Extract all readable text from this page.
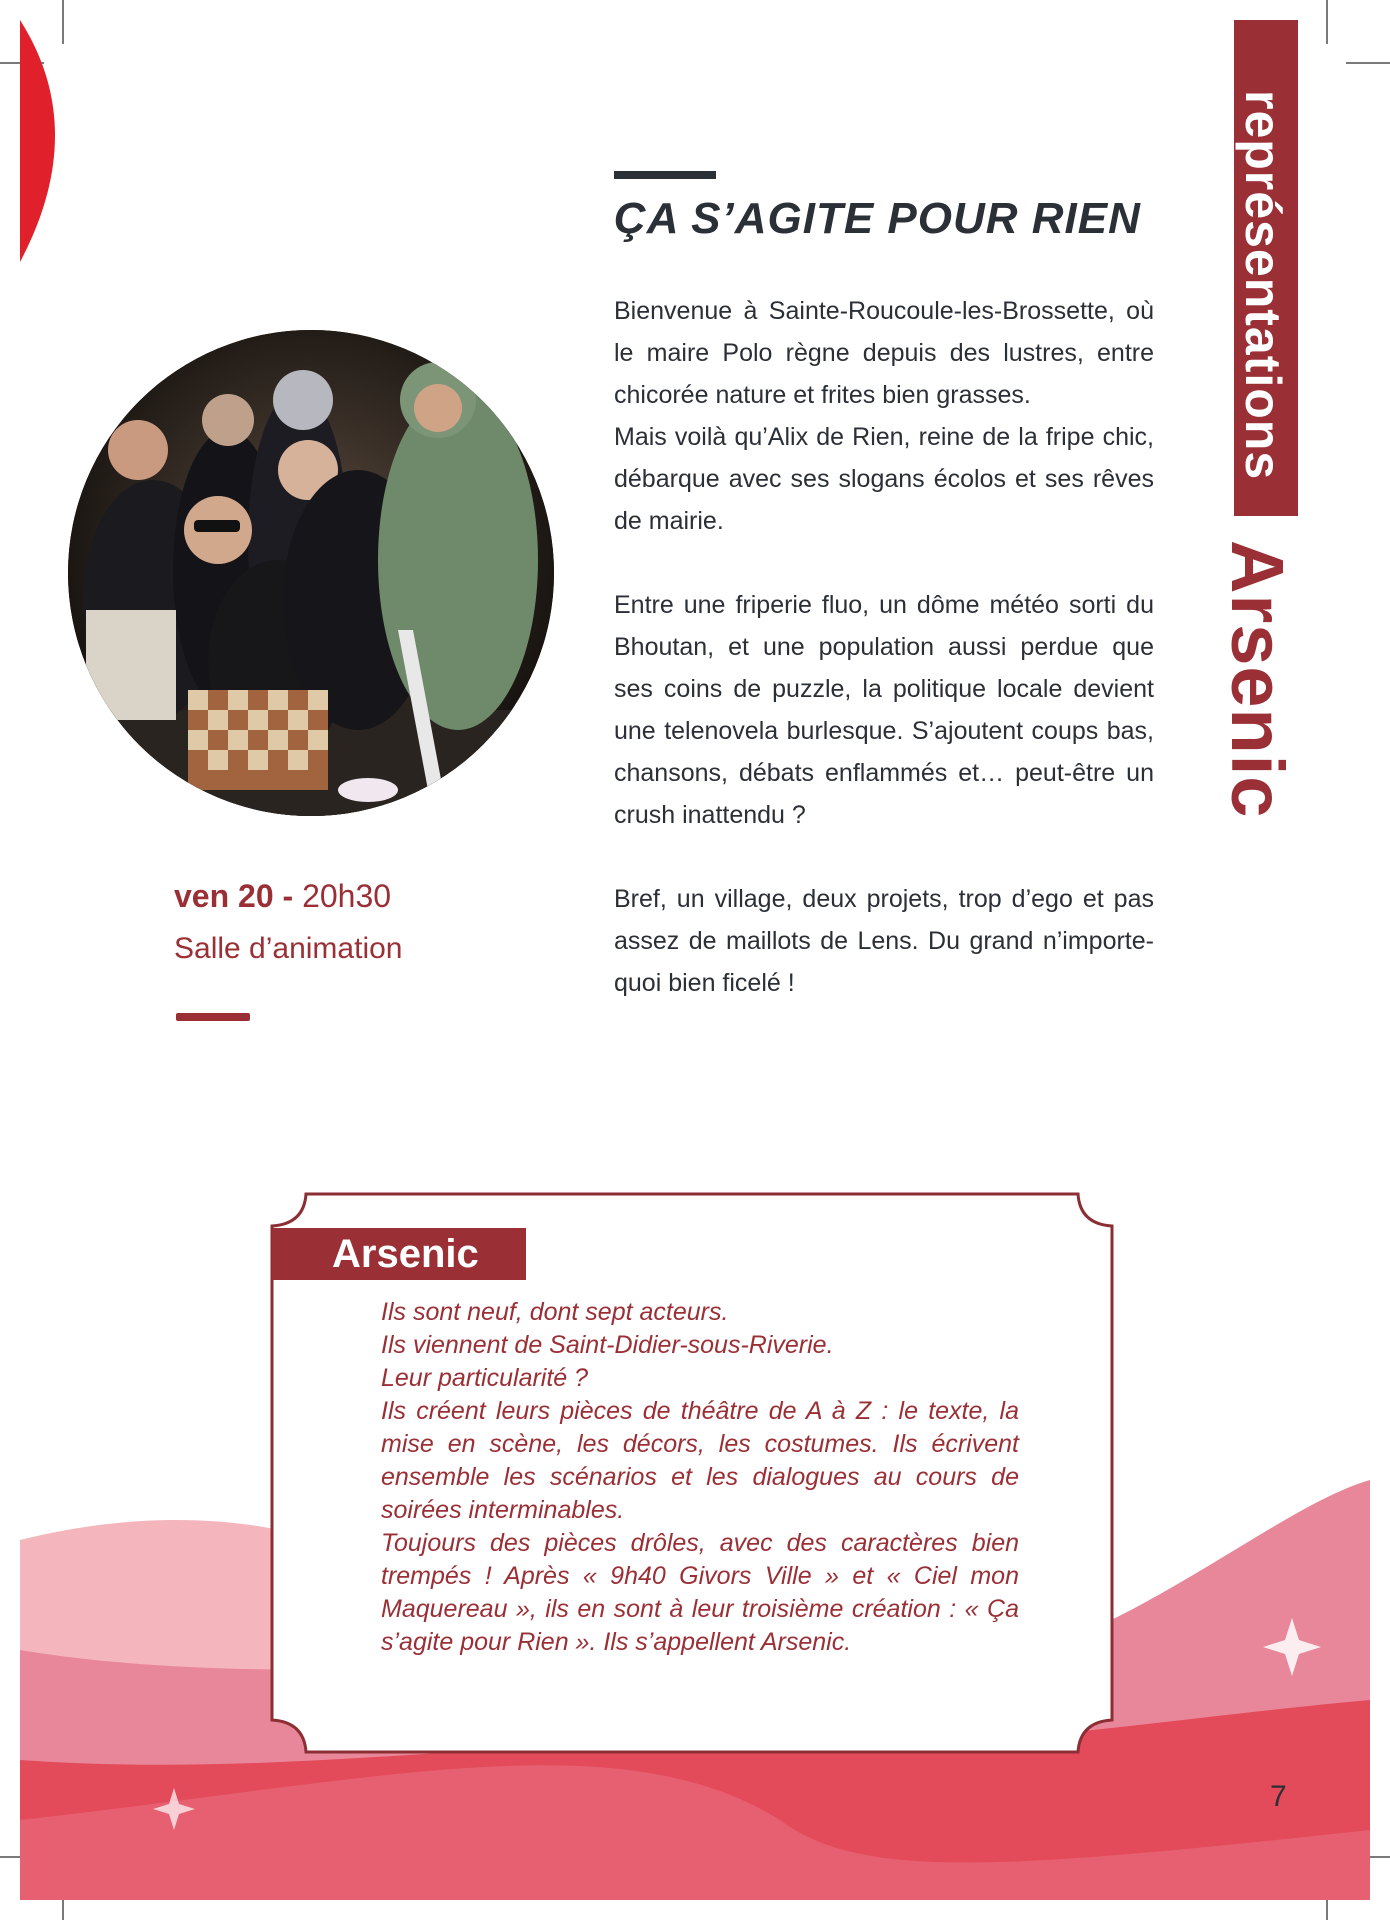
représentations
Arsenic
ÇA S’AGITE POUR RIEN

Bienvenue à Sainte-Roucoule-les-Brossette, où le maire Polo règne depuis des lustres, entre chicorée nature et frites bien grasses.
Mais voilà qu’Alix de Rien, reine de la fripe chic, débarque avec ses slogans écolos et ses rêves de mairie.

Entre une friperie fluo, un dôme météo sorti du Bhoutan, et une population aussi perdue que ses coins de puzzle, la politique locale devient une telenovela burlesque. S’ajoutent coups bas, chansons, débats enflammés et… peut-être un crush inattendu ?

Bref, un village, deux projets, trop d’ego et pas assez de maillots de Lens. Du grand n’importe-quoi bien ficelé !

ven 20 - 20h30
Salle d’animation
Arsenic
Ils sont neuf, dont sept acteurs.
Ils viennent de Saint-Didier-sous-Riverie.
Leur particularité ?
Ils créent leurs pièces de théâtre de A à Z : le texte, la mise en scène, les décors, les costumes. Ils écrivent ensemble les scénarios et les dialogues au cours de soirées interminables.
Toujours des pièces drôles, avec des caractères bien trempés ! Après « 9h40 Givors Ville » et « Ciel mon Maquereau », ils en sont à leur troisième création : « Ça s’agite pour Rien ». Ils s’appellent Arsenic.
7
